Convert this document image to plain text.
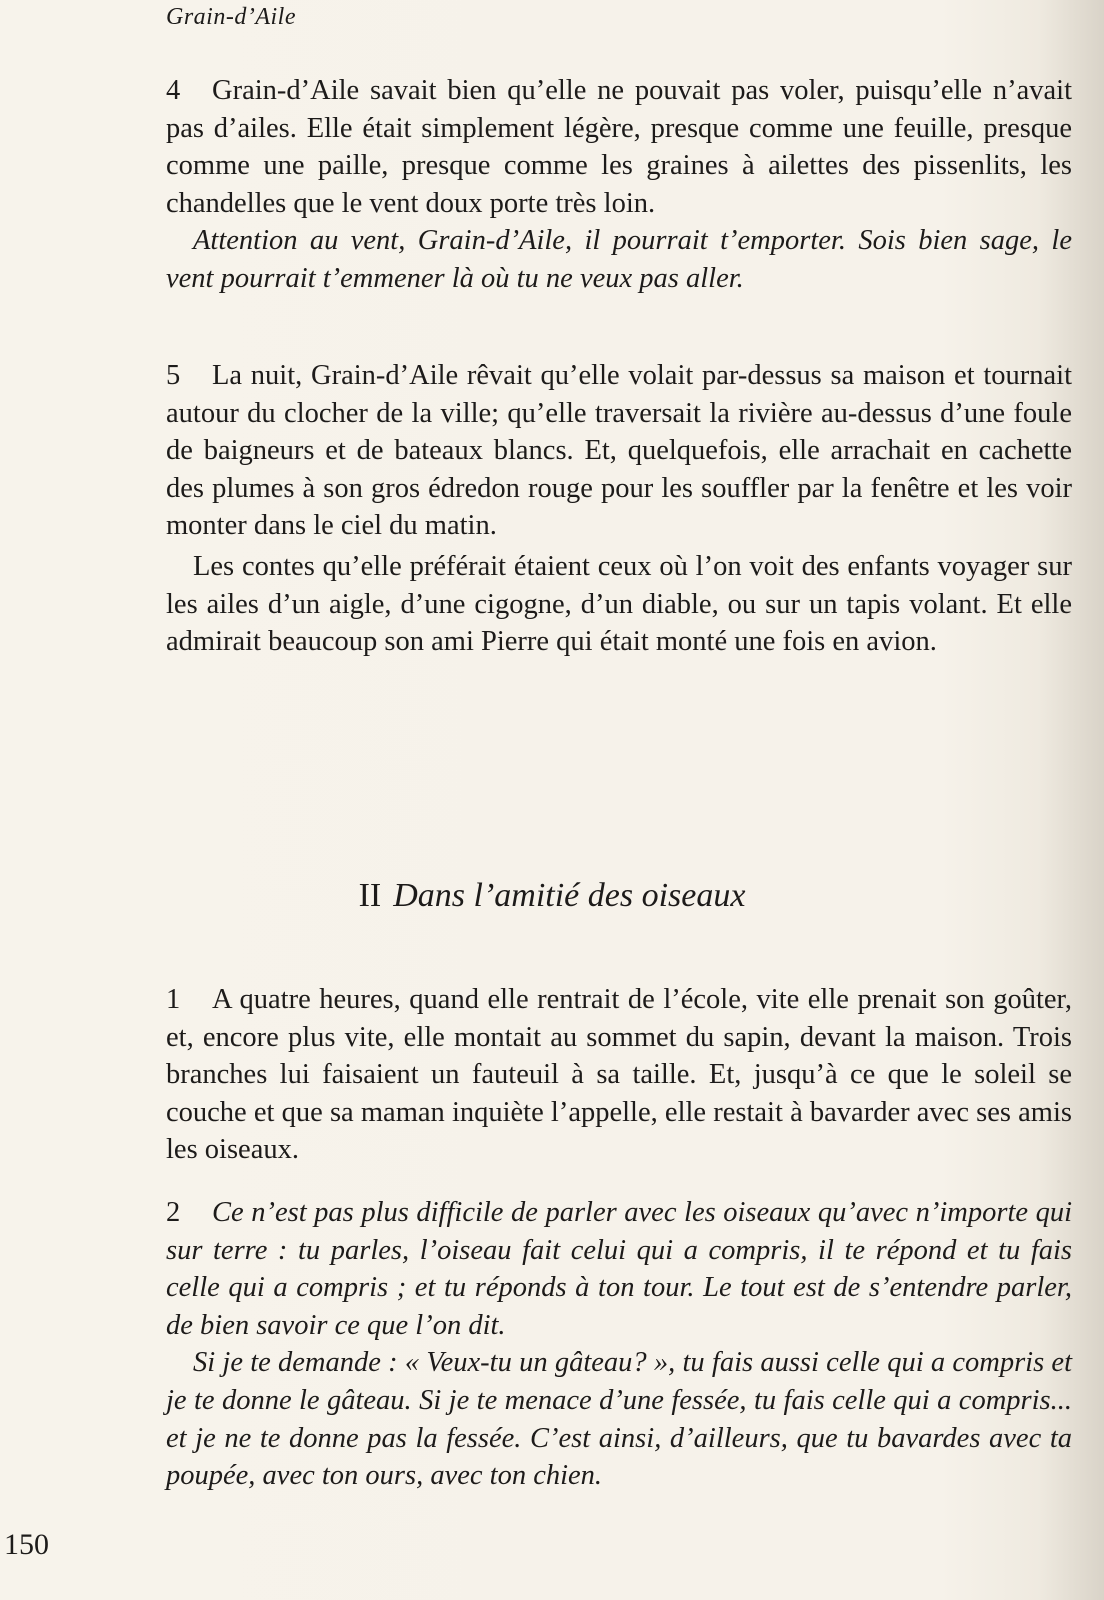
Grain-d’Aile

4 Grain-d’Aile savait bien qu’elle ne pouvait pas voler, puisqu’elle n’avait pas d’ailes. Elle était simplement légère, presque comme une feuille, presque comme une paille, presque comme les graines à ailettes des pissenlits, les chandelles que le vent doux porte très loin.

Attention au vent, Grain-d’Aile, il pourrait t’emporter. Sois bien sage, le vent pourrait t’emmener là où tu ne veux pas aller.

5 La nuit, Grain-d’Aile rêvait qu’elle volait par-dessus sa maison et tournait autour du clocher de la ville; qu’elle traversait la rivière au-dessus d’une foule de baigneurs et de bateaux blancs. Et, quelquefois, elle arrachait en cachette des plumes à son gros édredon rouge pour les souffler par la fenêtre et les voir monter dans le ciel du matin.

Les contes qu’elle préférait étaient ceux où l’on voit des enfants voyager sur les ailes d’un aigle, d’une cigogne, d’un diable, ou sur un tapis volant. Et elle admirait beaucoup son ami Pierre qui était monté une fois en avion.

II Dans l’amitié des oiseaux

1 A quatre heures, quand elle rentrait de l’école, vite elle prenait son goûter, et, encore plus vite, elle montait au sommet du sapin, devant la maison. Trois branches lui faisaient un fauteuil à sa taille. Et, jusqu’à ce que le soleil se couche et que sa maman inquiète l’appelle, elle restait à bavarder avec ses amis les oiseaux.

2 Ce n’est pas plus difficile de parler avec les oiseaux qu’avec n’importe qui sur terre : tu parles, l’oiseau fait celui qui a compris, il te répond et tu fais celle qui a compris ; et tu réponds à ton tour. Le tout est de s’entendre parler, de bien savoir ce que l’on dit.

Si je te demande : « Veux-tu un gâteau? », tu fais aussi celle qui a compris et je te donne le gâteau. Si je te menace d’une fessée, tu fais celle qui a compris... et je ne te donne pas la fessée. C’est ainsi, d’ailleurs, que tu bavardes avec ta poupée, avec ton ours, avec ton chien.

150
